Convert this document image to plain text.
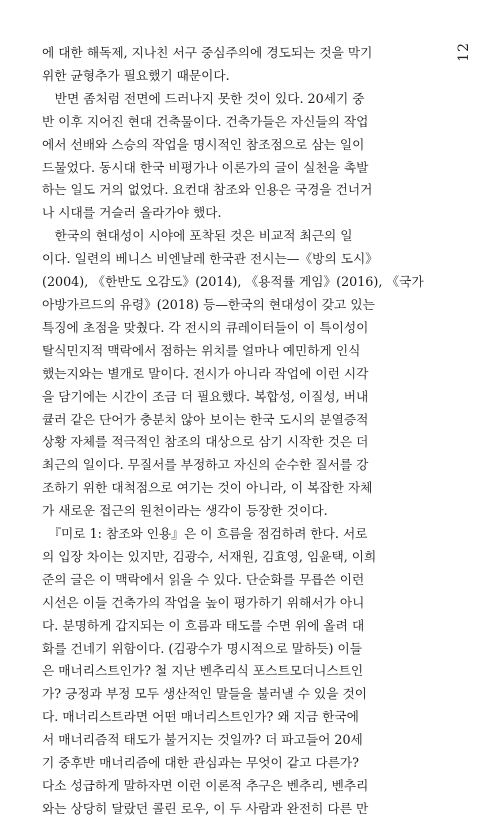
12

에 대한 해독제, 지나친 서구 중심주의에 경도되는 것을 막기
위한 균형추가 필요했기 때문이다.

　반면 좀처럼 전면에 드러나지 못한 것이 있다. 20세기 중
반 이후 지어진 현대 건축물이다. 건축가들은 자신들의 작업
에서 선배와 스승의 작업을 명시적인 참조점으로 삼는 일이
드물었다. 동시대 한국 비평가나 이론가의 글이 실천을 촉발
하는 일도 거의 없었다. 요컨대 참조와 인용은 국경을 건너거
나 시대를 거슬러 올라가야 했다.

　한국의 현대성이 시야에 포착된 것은 비교적 최근의 일
이다. 일련의 베니스 비엔날레 한국관 전시는—《방의 도시》
(2004), 《한반도 오감도》(2014), 《용적률 게임》(2016), 《국가
아방가르드의 유령》(2018) 등—한국의 현대성이 갖고 있는
특징에 초점을 맞췄다. 각 전시의 큐레이터들이 이 특이성이
탈식민지적 맥락에서 점하는 위치를 얼마나 예민하게 인식
했는지와는 별개로 말이다. 전시가 아니라 작업에 이런 시각
을 담기에는 시간이 조금 더 필요했다. 복합성, 이질성, 버내
큘러 같은 단어가 충분치 않아 보이는 한국 도시의 분열증적
상황 자체를 적극적인 참조의 대상으로 삼기 시작한 것은 더
최근의 일이다. 무질서를 부정하고 자신의 순수한 질서를 강
조하기 위한 대척점으로 여기는 것이 아니라, 이 복잡한 자체
가 새로운 접근의 원천이라는 생각이 등장한 것이다.

　『미로 1: 참조와 인용』은 이 흐름을 점검하려 한다. 서로
의 입장 차이는 있지만, 김광수, 서재원, 김효영, 임윤택, 이희
준의 글은 이 맥락에서 읽을 수 있다. 단순화를 무릅쓴 이런
시선은 이들 건축가의 작업을 높이 평가하기 위해서가 아니
다. 분명하게 갑지되는 이 흐름과 태도를 수면 위에 올려 대
화를 건네기 위함이다. (김광수가 명시적으로 말하듯) 이들
은 매너리스트인가? 철 지난 벤추리식 포스트모더니스트인
가? 긍정과 부정 모두 생산적인 말들을 불러낼 수 있을 것이
다. 매너리스트라면 어떤 매너리스트인가? 왜 지금 한국에
서 매너리즘적 태도가 불거지는 것일까? 더 파고들어 20세
기 중후반 매너리즘에 대한 관심과는 무엇이 같고 다른가?
다소 성급하게 말하자면 이런 이론적 추구은 벤추리, 벤추리
와는 상당히 달랐던 콜린 로우, 이 두 사람과 완전히 다른 만
